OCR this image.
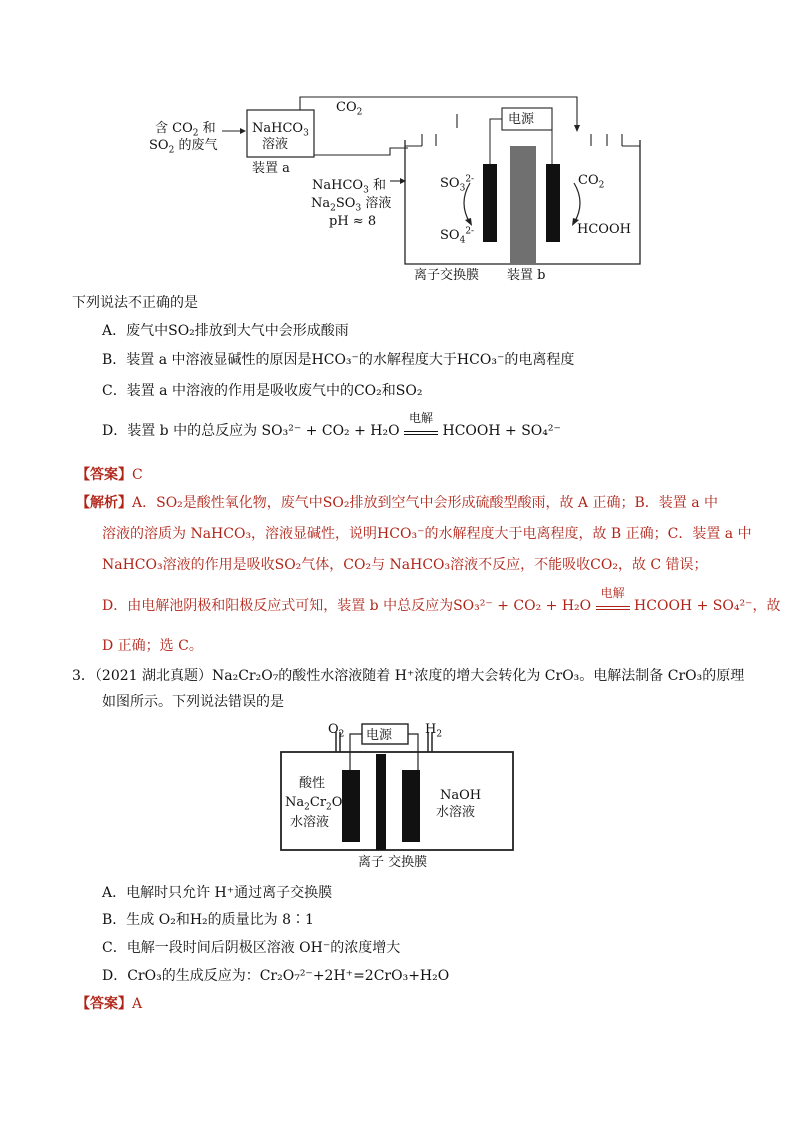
含 $CO_2$ 和
$SO_2$ 的废气
NaHCO$_3$
溶液
装置 a
$CO_2$	电源
NaHCO$_3$ 和
$Na_2SO_3$ 溶液
pH ≈ 8
$SO_3^{2-}$
$SO_4^{2-}$
$CO_2$
HCOOH
离子交换膜 装置 b
下列说法不正确的是
A．废气中SO₂排放到大气中会形成酸雨
B．装置 a 中溶液显碱性的原因是HCO₃⁻的水解程度大于HCO₃⁻的电离程度
C．装置 a 中溶液的作用是吸收废气中的CO₂和SO₂
D．装置 b 中的总反应为 SO₃²⁻ + CO₂ + H₂O
电解
HCOOH + SO₄²⁻
【答案】C
【解析】A．SO₂是酸性氧化物，废气中SO₂排放到空气中会形成硫酸型酸雨，故 A 正确；B．装置 a 中
溶液的溶质为 NaHCO₃，溶液显碱性，说明HCO₃⁻的水解程度大于电离程度，故 B 正确；C．装置 a 中
NaHCO₃溶液的作用是吸收SO₂气体，CO₂与 NaHCO₃溶液不反应，不能吸收CO₂，故 C 错误；
D．由电解池阴极和阳极反应式可知，装置 b 中总反应为SO₃²⁻ + CO₂ + H₂O
电解
HCOOH + SO₄²⁻，故
D 正确；选 C。
3．（2021 湖北真题）Na₂Cr₂O₇的酸性水溶液随着 H⁺浓度的增大会转化为 CrO₃。电解法制备 CrO₃的原理
如图所示。下列说法错误的是
$O_2$	$H_2$
电源
酸性
$Na_2Cr_2O_7$
水溶液
NaOH
水溶液
离子 交换膜
A．电解时只允许 H⁺通过离子交换膜
B．生成 O₂和H₂的质量比为 8∶1
C．电解一段时间后阴极区溶液 OH⁻的浓度增大
D．CrO₃的生成反应为：Cr₂O₇²⁻+2H⁺=2CrO₃+H₂O
【答案】A
